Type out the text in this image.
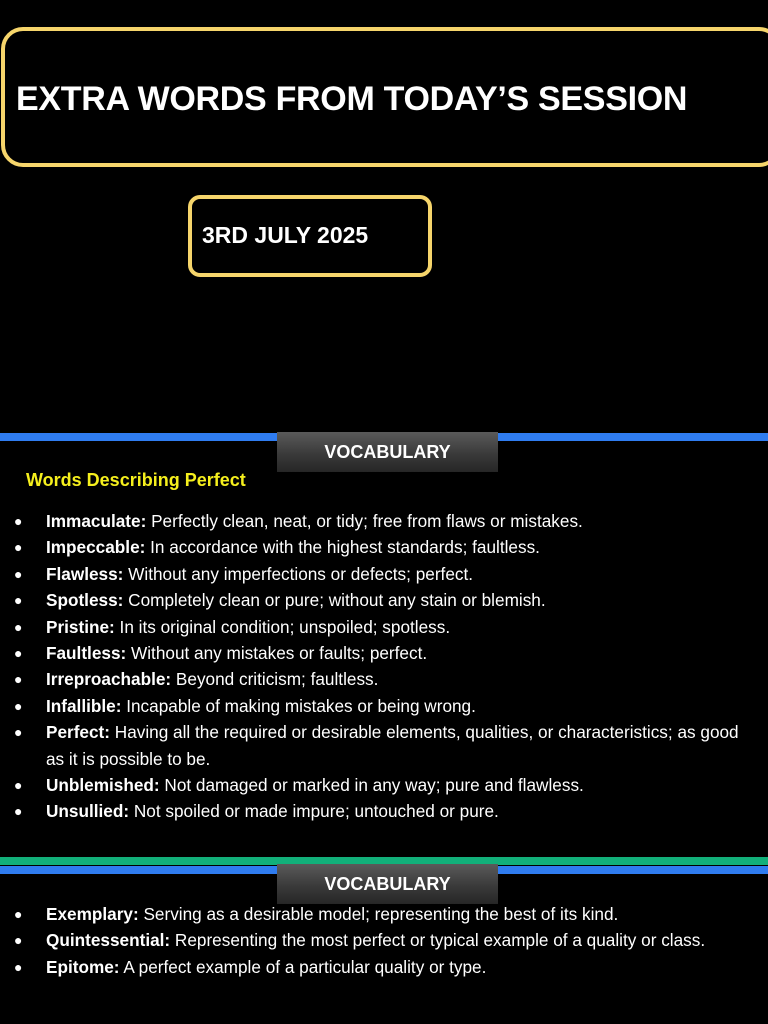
EXTRA WORDS FROM TODAY’S SESSION
3RD JULY 2025
VOCABULARY
Words Describing Perfect
● Immaculate: Perfectly clean, neat, or tidy; free from flaws or mistakes.
● Impeccable: In accordance with the highest standards; faultless.
● Flawless: Without any imperfections or defects; perfect.
● Spotless: Completely clean or pure; without any stain or blemish.
● Pristine: In its original condition; unspoiled; spotless.
● Faultless: Without any mistakes or faults; perfect.
● Irreproachable: Beyond criticism; faultless.
● Infallible: Incapable of making mistakes or being wrong.
● Perfect: Having all the required or desirable elements, qualities, or characteristics; as good as it is possible to be.
● Unblemished: Not damaged or marked in any way; pure and flawless.
● Unsullied: Not spoiled or made impure; untouched or pure.
VOCABULARY
● Exemplary: Serving as a desirable model; representing the best of its kind.
● Quintessential: Representing the most perfect or typical example of a quality or class.
● Epitome: A perfect example of a particular quality or type.
